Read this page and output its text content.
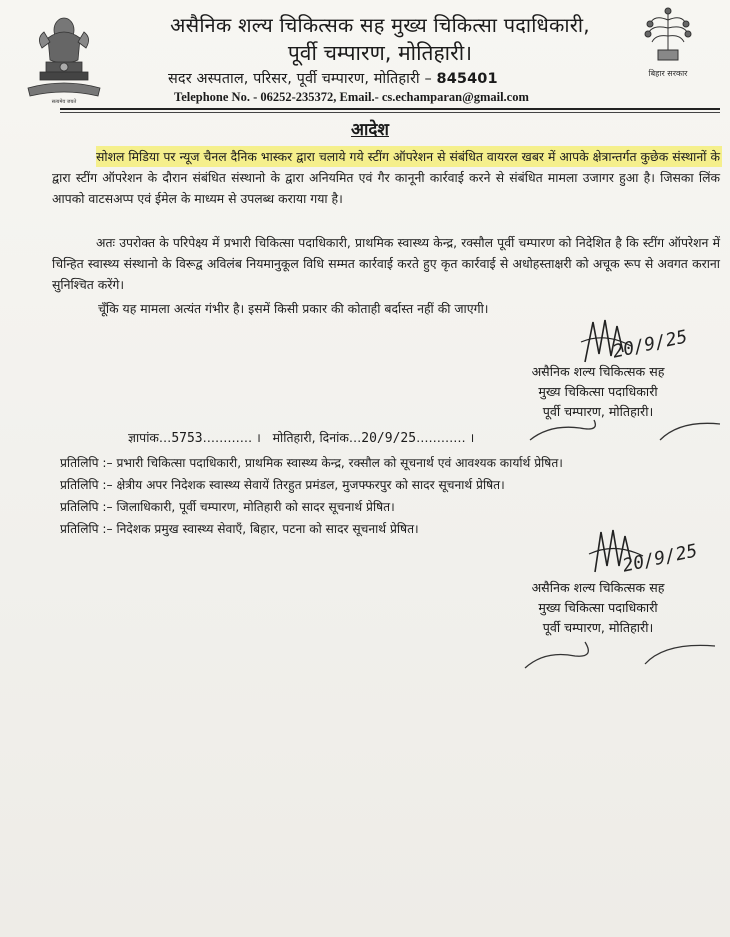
सत्यमेव जयते
बिहार सरकार
असैनिक शल्य चिकित्सक सह मुख्य चिकित्सा पदाधिकारी,
पूर्वी चम्पारण, मोतिहारी।
सदर अस्पताल, परिसर, पूर्वी चम्पारण, मोतिहारी – 845401
Telephone No. - 06252-235372, Email.- cs.echamparan@gmail.com
आदेश
सोशल मिडिया पर न्यूज चैनल दैनिक भास्कर द्वारा चलाये गये स्टींग ऑपरेशन से संबंधित वायरल खबर में आपके क्षेत्रान्तर्गत कुछेक संस्थानों के द्वारा स्टींग ऑपरेशन के दौरान संबंधित संस्थानो के द्वारा अनियमित एवं गैर कानूनी कार्रवाई करने से संबंधित मामला उजागर हुआ है। जिसका लिंक आपको वाटसअप्प एवं ईमेल के माध्यम से उपलब्ध कराया गया है।
अतः उपरोक्त के परिपेक्ष्य में प्रभारी चिकित्सा पदाधिकारी, प्राथमिक स्वास्थ्य केन्द्र, रक्सौल पूर्वी चम्पारण को निदेशित है कि स्टींग ऑपरेशन में चिन्हित स्वास्थ्य संस्थानो के विरूद्व अविलंब नियमानुकूल विधि सम्मत कार्रवाई करते हुए कृत कार्रवाई से अधोहस्ताक्षरी को अचूक रूप से अवगत कराना सुनिश्चित करेंगे।
चूँकि यह मामला अत्यंत गंभीर है। इसमें किसी प्रकार की कोताही बर्दास्त नहीं की जाएगी।
20/9/25
असैनिक शल्य चिकित्सक सह
मुख्य चिकित्सा पदाधिकारी
पूर्वी चम्पारण, मोतिहारी।
ज्ञापांक…5753………… ।   मोतिहारी, दिनांक…20/9/25………… ।
प्रतिलिपि :– प्रभारी चिकित्सा पदाधिकारी, प्राथमिक स्वास्थ्य केन्द्र, रक्सौल को सूचनार्थ एवं आवश्यक कार्यार्थ प्रेषित।
प्रतिलिपि :– क्षेत्रीय अपर निदेशक स्वास्थ्य सेवायें तिरहुत प्रमंडल, मुजफ्फरपुर को सादर सूचनार्थ प्रेषित।
प्रतिलिपि :– जिलाधिकारी, पूर्वी चम्पारण, मोतिहारी को सादर सूचनार्थ प्रेषित।
प्रतिलिपि :– निदेशक प्रमुख स्वास्थ्य सेवाएँ, बिहार, पटना को सादर सूचनार्थ प्रेषित।
20/9/25
असैनिक शल्य चिकित्सक सह
मुख्य चिकित्सा पदाधिकारी
पूर्वी चम्पारण, मोतिहारी।
